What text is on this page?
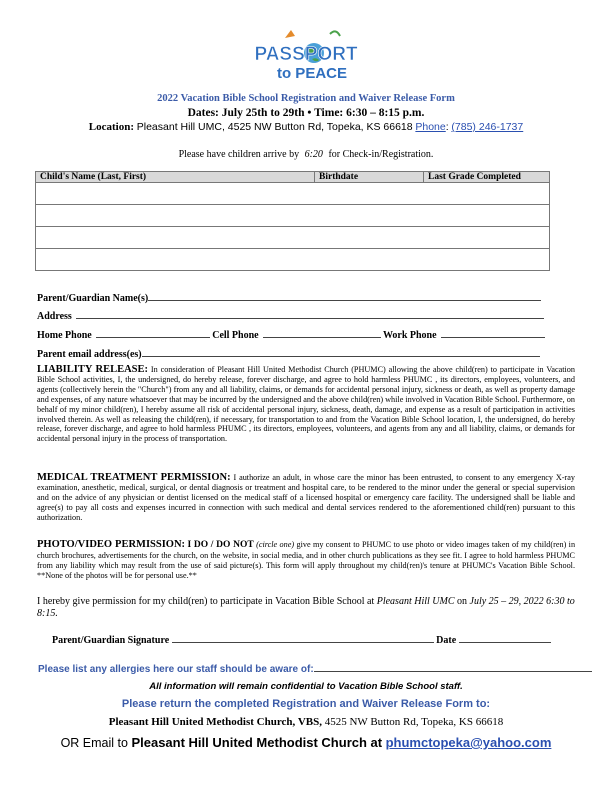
PASSPORT
to PEACE
2022 Vacation Bible School Registration and Waiver Release Form
Dates: July 25th to 29th • Time: 6:30 – 8:15 p.m.
Location: Pleasant Hill UMC, 4525 NW Button Rd, Topeka, KS 66618 Phone: (785) 246-1737
Please have children arrive by 6:20 for Check-in/Registration.
Child's Name (Last, First)	Birthdate	Last Grade Completed

Parent/Guardian Name(s)
Address
Home Phone	Cell Phone	Work Phone
Parent email address(es)
LIABILITY RELEASE: In consideration of Pleasant Hill United Methodist Church (PHUMC) allowing the above child(ren) to participate in Vacation Bible School activities, I, the undersigned, do hereby release, forever discharge, and agree to hold harmless PHUMC , its directors, employees, volunteers, and agents (collectively herein the "Church") from any and all liability, claims, or demands for accidental personal injury, sickness or death, as well as property damage and expenses, of any nature whatsoever that may be incurred by the undersigned and the above child(ren) while involved in Vacation Bible School. Furthermore, on behalf of my minor child(ren), I hereby assume all risk of accidental personal injury, sickness, death, damage, and expense as a result of participation in activities involved therein. As well as releasing the child(ren), if necessary, for transportation to and from the Vacation Bible School location, I, the undersigned, do hereby release, forever discharge, and agree to hold harmless PHUMC , its directors, employees, volunteers, and agents from any and all liability, claims, or demands for accidental personal injury in the process of transportation.
MEDICAL TREATMENT PERMISSION: I authorize an adult, in whose care the minor has been entrusted, to consent to any emergency X-ray examination, anesthetic, medical, surgical, or dental diagnosis or treatment and hospital care, to be rendered to the minor under the general or special supervision and on the advice of any physician or dentist licensed on the medical staff of a licensed hospital or emergency care facility. The undersigned shall be liable and agree(s) to pay all costs and expenses incurred in connection with such medical and dental services rendered to the aforementioned child(ren) pursuant to this authorization.
PHOTO/VIDEO PERMISSION: I DO / DO NOT (circle one) give my consent to PHUMC to use photo or video images taken of my child(ren) in church brochures, advertisements for the church, on the website, in social media, and in other church publications as they see fit. I agree to hold harmless PHUMC from any liability which may result from the use of said picture(s). This form will apply throughout my child(ren)'s tenure at PHUMC's Vacation Bible School. **None of the photos will be for personal use.**
I hereby give permission for my child(ren) to participate in Vacation Bible School at Pleasant Hill UMC on July 25 – 29, 2022 6:30 to 8:15.
Parent/Guardian Signature	Date
Please list any allergies here our staff should be aware of:
All information will remain confidential to Vacation Bible School staff.
Please return the completed Registration and Waiver Release Form to:
Pleasant Hill United Methodist Church, VBS, 4525 NW Button Rd, Topeka, KS 66618
OR Email to Pleasant Hill United Methodist Church at phumctopeka@yahoo.com
